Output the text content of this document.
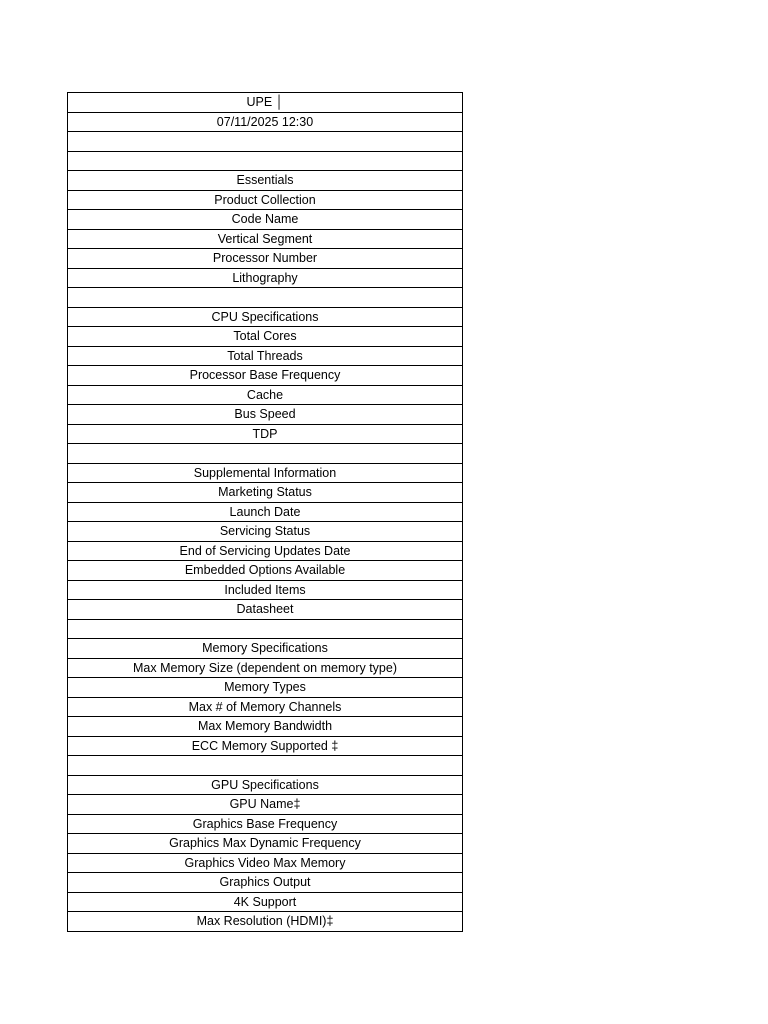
UPE │
07/11/2025 12:30

Essentials
Product Collection
Code Name
Vertical Segment
Processor Number
Lithography

CPU Specifications
Total Cores
Total Threads
Processor Base Frequency
Cache
Bus Speed
TDP

Supplemental Information
Marketing Status
Launch Date
Servicing Status
End of Servicing Updates Date
Embedded Options Available
Included Items
Datasheet

Memory Specifications
Max Memory Size (dependent on memory type)
Memory Types
Max # of Memory Channels
Max Memory Bandwidth
ECC Memory Supported ‡

GPU Specifications
GPU Name‡
Graphics Base Frequency
Graphics Max Dynamic Frequency
Graphics Video Max Memory
Graphics Output
4K Support
Max Resolution (HDMI)‡
